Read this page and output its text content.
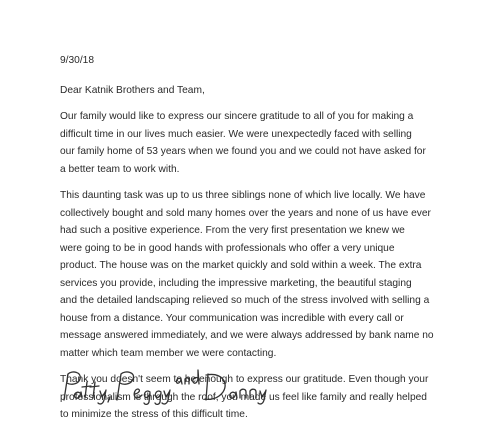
9/30/18

Dear Katnik Brothers and Team,

Our family would like to express our sincere gratitude to all of you for making a
difficult time in our lives much easier. We were unexpectedly faced with selling
our family home of 53 years when we found you and we could not have asked for
a better team to work with.

This daunting task was up to us three siblings none of which live locally. We have
collectively bought and sold many homes over the years and none of us have ever
had such a positive experience. From the very first presentation we knew we
were going to be in good hands with professionals who offer a very unique
product. The house was on the market quickly and sold within a week. The extra
services you provide, including the impressive marketing, the beautiful staging
and the detailed landscaping relieved so much of the stress involved with selling a
house from a distance. Your communication was incredible with every call or
message answered immediately, and we were always addressed by bank name no
matter which team member we were contacting.

Thank you doesn't seem to be enough to express our gratitude. Even though your
professionalism is through the roof, you made us feel like family and really helped
to minimize the stress of this difficult time.
